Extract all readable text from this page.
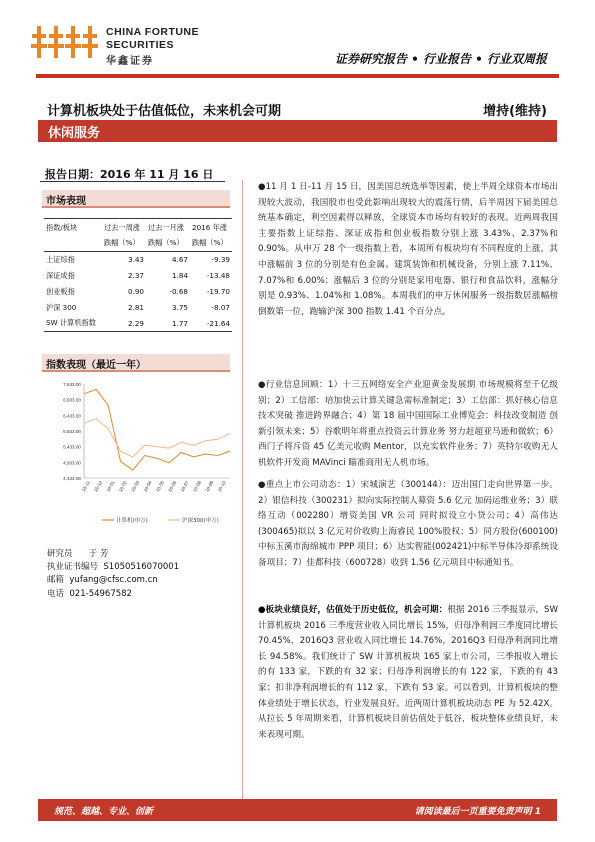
CHINA FORTUNE
SECURITIES
华鑫证券	证券研究报告 • 行业报告 • 行业双周报
计算机板块处于估值低位，未来机会可期	增持(维持)
休闲服务
报告日期：2016 年 11 月 16 日
市场表现
指数/板块	过去一周涨跌幅（%）	过去一月涨跌幅（%）	2016 年涨跌幅（%）
上证综指	3.43	4.67	-9.39
深证成指	2.37	1.84	-13.48
创业板指	0.90	-0.68	-19.70
沪深 300	2.81	3.75	-8.07
SW 计算机指数	2.29	1.77	-21.64
指数表现（最近一年）
7,633.00
6,933.00
6,433.00
5,933.00
5,433.00
4,933.00
4,433.00
15-11 15-12 16-01 16-02 16-03 16-04 16-05 16-06 16-07 16-08 16-09 16-10
计算机(申万)	沪深300(申万)
研究员      于 芳
执业证书编号  S1050516070001
邮箱  yufang@cfsc.com.cn
电话  021-54967582
●11 月 1 日-11 月 15 日，因美国总统选举等因素，使上半周全球资本市场出现较大波动，我国股市也受此影响出现较大的震荡行情，后半周因下届美国总统基本确定，利空因素得以释放，全球资本市场均有较好的表现。近两周我国主要指数上证综指、深证成指和创业板指数分别上涨 3.43%、2.37%和 0.90%。从申万 28 个一级指数上看，本周所有板块均有不同程度的上涨，其中涨幅前 3 位的分别是有色金属、建筑装饰和机械设备，分别上涨 7.11%、7.07%和 6.00%；涨幅后 3 位的分别是家用电器、银行和食品饮料，涨幅分别是 0.93%、1.04%和 1.08%。本周我们的申万休闲服务一级指数居涨幅榜倒数第一位，跑输沪深 300 指数 1.41 个百分点。
●行业信息回顾：1）十三五网络安全产业迎黄金发展期 市场规模将至千亿级别；2）工信部：培加快云计算关键急需标准制定；3）工信部：抓好核心信息技术突破 推进跨界融合；4）第 18 届中国国际工业博览会：科技改变制造 创新引领未来；5）谷歌明年将重点投资云计算业务 努力赶超亚马逊和微软；6）西门子将斥资 45 亿美元收购 Mentor，以充实软件业务；7）英特尔收购无人机软件开发商 MAVinci 瞄准商用无人机市场。
●重点上市公司动态：1）宋城演艺（300144）：迈出国门走向世界第一步。2）银信科技（300231）拟向实际控制人募资 5.6 亿元 加码运维业务；3）联络互动（002280）增资美国 VR 公司 同时拟设立小贷公司；4）高伟达(300465)拟以 3 亿元对价收购上海睿民 100%股权；5）同方股份(600100)中标玉溪市海绵城市 PPP 项目；6）达实智能(002421)中标半导体冷却系统设备项目；7）佳都科技（600728）收到 1.56 亿元项目中标通知书。
●板块业绩良好，估值处于历史低位，机会可期：根据 2016 三季报显示，SW 计算机板块 2016 三季度营业收入同比增长 15%，归母净利润三季度同比增长 70.45%，2016Q3 营业收入同比增长 14.76%，2016Q3 归母净利润同比增长 94.58%。我们统计了 SW 计算机板块 165 家上市公司，三季报收入增长的有 133 家，下跌的有 32 家；归母净利润增长的有 122 家，下跌的有 43 家；扣非净利润增长的有 112 家，下跌有 53 家。可以看到，计算机板块的整体业绩处于增长状态，行业发展良好。近两周计算机板块动态 PE 为 52.42X。从拉长 5 年周期来看，计算机板块目前估值处于低谷，板块整体业绩良好，未来表现可期。
规范、超越、专业、创新	请阅读最后一页重要免责声明 1
